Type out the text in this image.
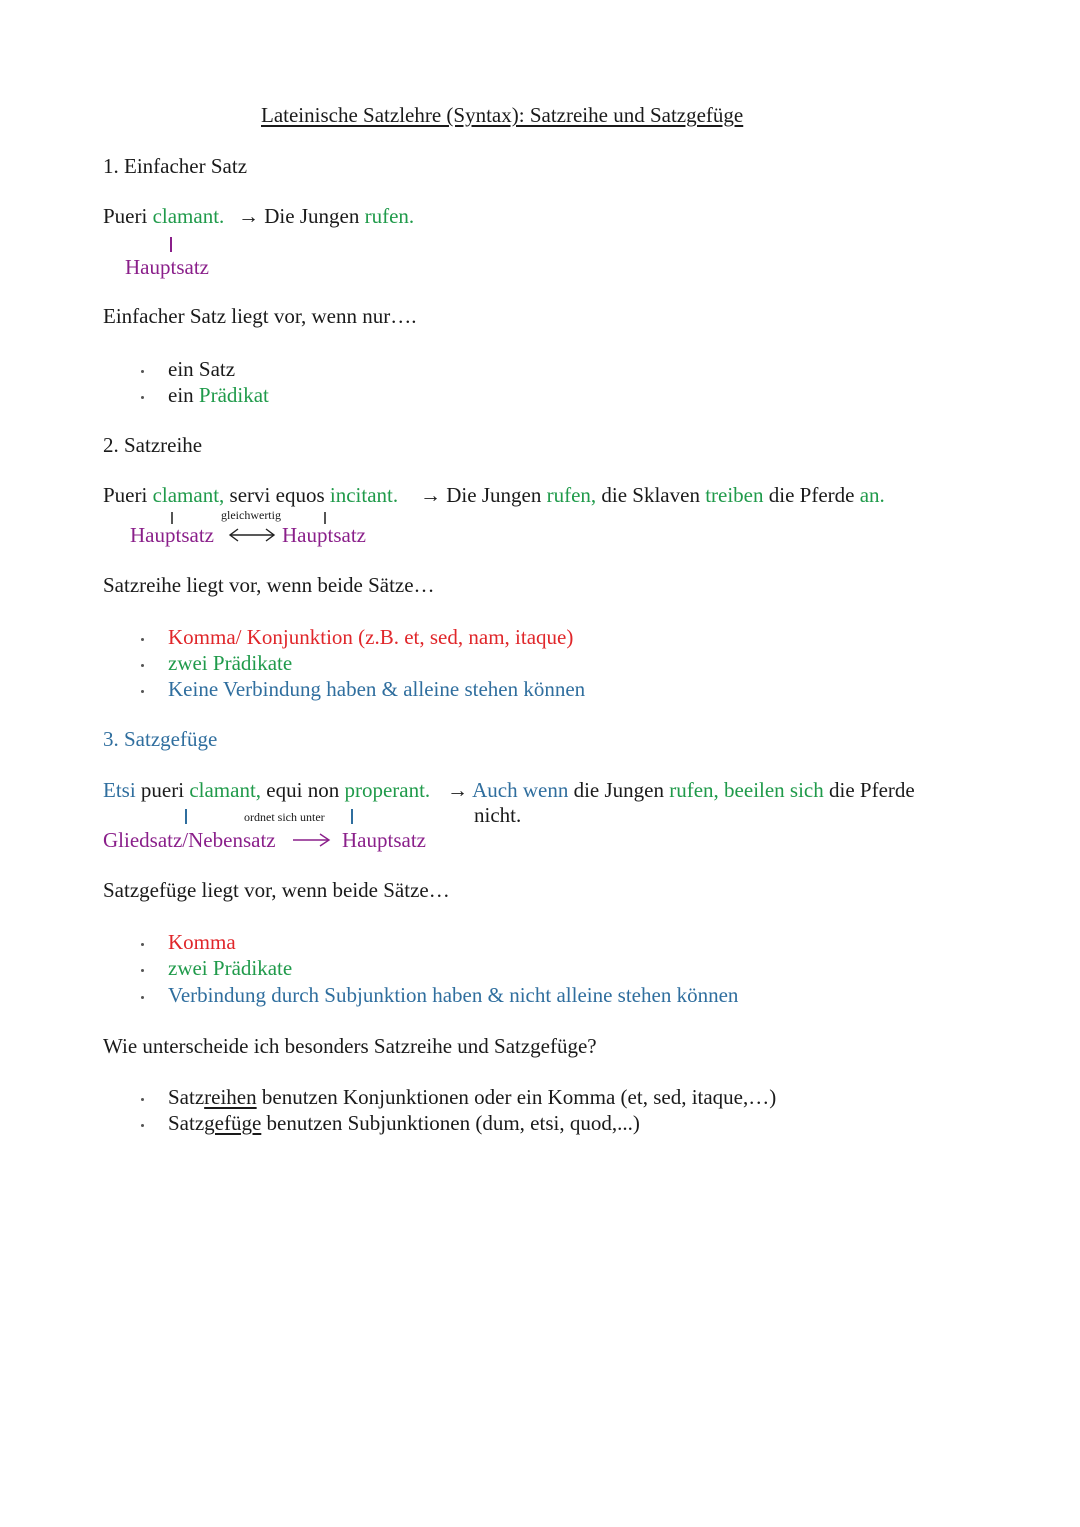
Lateinische Satzlehre (Syntax): Satzreihe und Satzgefüge
1. Einfacher Satz
Pueri clamant. → Die Jungen rufen.
Hauptsatz
Einfacher Satz liegt vor, wenn nur….
ein Satz
ein Prädikat
2. Satzreihe
Pueri clamant, servi equos incitant. → Die Jungen rufen, die Sklaven treiben die Pferde an.
gleichwertig
Hauptsatz	Hauptsatz
Satzreihe liegt vor, wenn beide Sätze…
Komma/ Konjunktion (z.B. et, sed, nam, itaque)
zwei Prädikate
Keine Verbindung haben & alleine stehen können
3. Satzgefüge
Etsi pueri clamant, equi non properant. → Auch wenn die Jungen rufen, beeilen sich die Pferde
nicht.
ordnet sich unter
Gliedsatz/Nebensatz	Hauptsatz
Satzgefüge liegt vor, wenn beide Sätze…
Komma
zwei Prädikate
Verbindung durch Subjunktion haben & nicht alleine stehen können
Wie unterscheide ich besonders Satzreihe und Satzgefüge?
Satzreihen benutzen Konjunktionen oder ein Komma (et, sed, itaque,…)
Satzgefüge benutzen Subjunktionen (dum, etsi, quod,...)
